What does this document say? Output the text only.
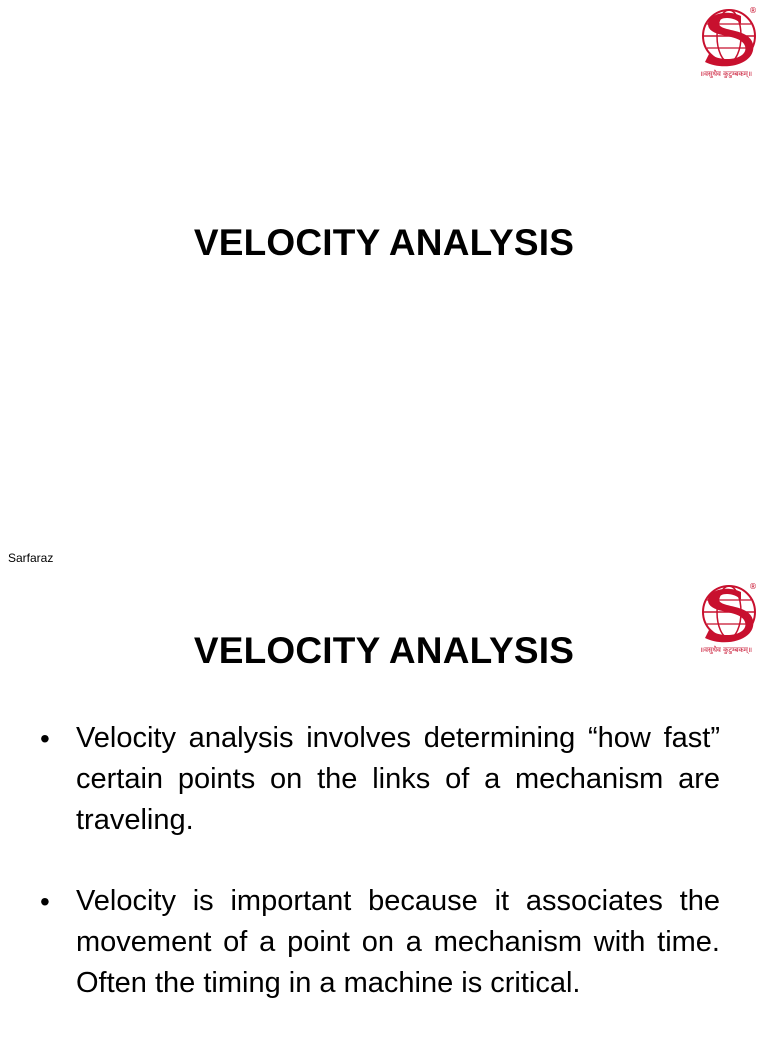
®
॥वसुधैव कुटुम्बकम्॥
VELOCITY ANALYSIS
Sarfaraz
®
॥वसुधैव कुटुम्बकम्॥
VELOCITY ANALYSIS
• Velocity analysis involves determining “how fast” certain points on the links of a mechanism are traveling.
• Velocity is important because it associates the movement of a point on a mechanism with time. Often the timing in a machine is critical.
